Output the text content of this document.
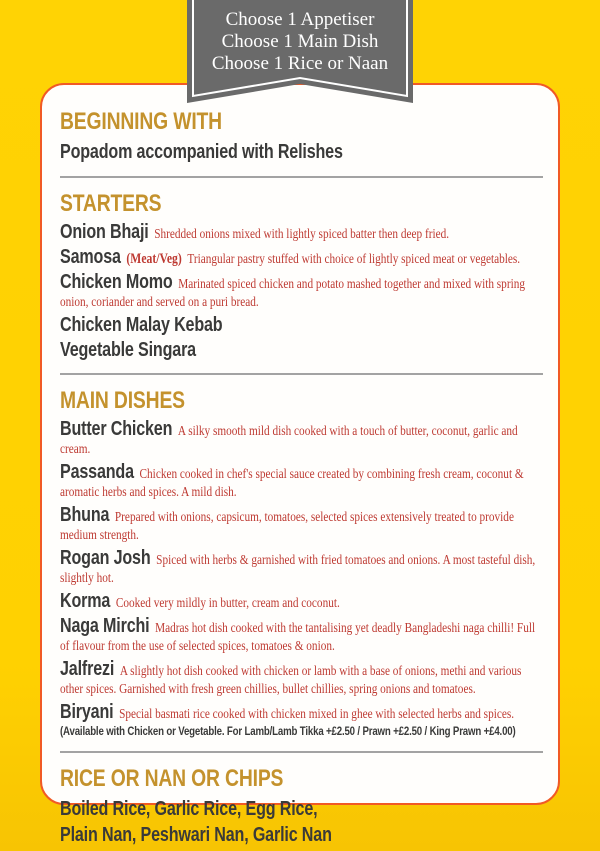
BEGINNING WITH
Popadom accompanied with Relishes
STARTERS
Onion Bhaji Shredded onions mixed with lightly spiced batter then deep fried.
Samosa (Meat/Veg) Triangular pastry stuffed with choice of lightly spiced meat or vegetables.
Chicken Momo Marinated spiced chicken and potato mashed together and mixed with spring onion, coriander and served on a puri bread.
Chicken Malay Kebab
Vegetable Singara
MAIN DISHES
Butter Chicken A silky smooth mild dish cooked with a touch of butter, coconut, garlic and cream.
Passanda Chicken cooked in chef's special sauce created by combining fresh cream, coconut & aromatic herbs and spices. A mild dish.
Bhuna Prepared with onions, capsicum, tomatoes, selected spices extensively treated to provide medium strength.
Rogan Josh Spiced with herbs & garnished with fried tomatoes and onions. A most tasteful dish, slightly hot.
Korma Cooked very mildly in butter, cream and coconut.
Naga Mirchi Madras hot dish cooked with the tantalising yet deadly Bangladeshi naga chilli! Full of flavour from the use of selected spices, tomatoes & onion.
Jalfrezi A slightly hot dish cooked with chicken or lamb with a base of onions, methi and various other spices. Garnished with fresh green chillies, bullet chillies, spring onions and tomatoes.
Biryani Special basmati rice cooked with chicken mixed in ghee with selected herbs and spices.
(Available with Chicken or Vegetable. For Lamb/Lamb Tikka +£2.50 / Prawn +£2.50 / King Prawn +£4.00)
RICE OR NAN OR CHIPS
Boiled Rice, Garlic Rice, Egg Rice,
Plain Nan, Peshwari Nan, Garlic Nan
Choose 1 Appetiser
Choose 1 Main Dish
Choose 1 Rice or Naan
